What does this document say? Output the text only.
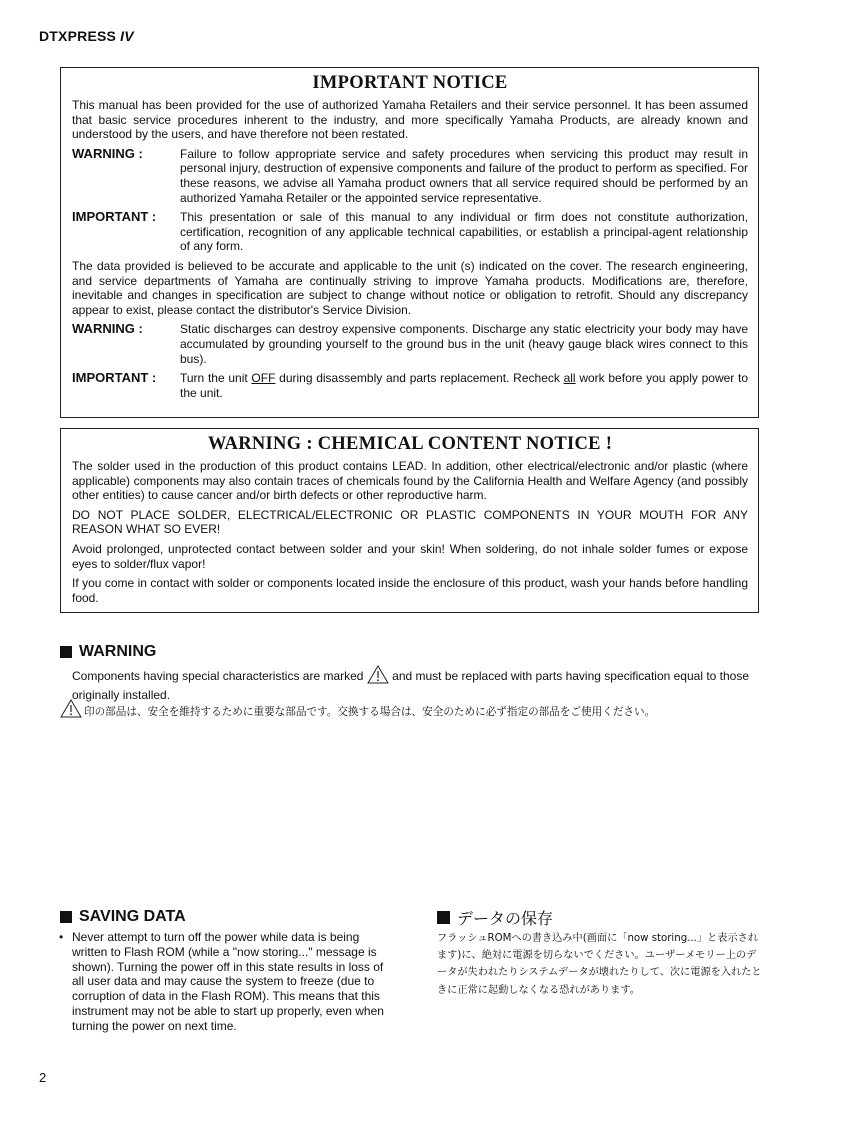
DTXPRESS IV
IMPORTANT NOTICE

This manual has been provided for the use of authorized Yamaha Retailers and their service personnel. It has been assumed that basic service procedures inherent to the industry, and more specifically Yamaha Products, are already known and understood by the users, and have therefore not been restated.

WARNING :	Failure to follow appropriate service and safety procedures when servicing this product may result in personal injury, destruction of expensive components and failure of the product to perform as specified. For these reasons, we advise all Yamaha product owners that all service required should be performed by an authorized Yamaha Retailer or the appointed service representative.
IMPORTANT :	This presentation or sale of this manual to any individual or firm does not constitute authorization, certification, recognition of any applicable technical capabilities, or establish a principal-agent relationship of any form.

The data provided is believed to be accurate and applicable to the unit (s) indicated on the cover. The research engineering, and service departments of Yamaha are continually striving to improve Yamaha products. Modifications are, therefore, inevitable and changes in specification are subject to change without notice or obligation to retrofit. Should any discrepancy appear to exist, please contact the distributor's Service Division.

WARNING :	Static discharges can destroy expensive components. Discharge any static electricity your body may have accumulated by grounding yourself to the ground bus in the unit (heavy gauge black wires connect to this bus).
IMPORTANT :	Turn the unit OFF during disassembly and parts replacement. Recheck all work before you apply power to the unit.
WARNING : CHEMICAL CONTENT NOTICE !

The solder used in the production of this product contains LEAD. In addition, other electrical/electronic and/or plastic (where applicable) components may also contain traces of chemicals found by the California Health and Welfare Agency (and possibly other entities) to cause cancer and/or birth defects or other reproductive harm.

DO NOT PLACE SOLDER, ELECTRICAL/ELECTRONIC OR PLASTIC COMPONENTS IN YOUR MOUTH FOR ANY REASON WHAT SO EVER!

Avoid prolonged, unprotected contact between solder and your skin! When soldering, do not inhale solder fumes or expose eyes to solder/flux vapor!

If you come in contact with solder or components located inside the enclosure of this product, wash your hands before handling food.

WARNING
Components having special characteristics are marked  and must be replaced with parts having specification equal to those originally installed.
印の部品は、安全を維持するために重要な部品です。交換する場合は、安全のために必ず指定の部品をご使用ください。
SAVING DATA
• Never attempt to turn off the power while data is being written to Flash ROM (while a "now storing..." message is shown). Turning the power off in this state results in loss of all user data and may cause the system to freeze (due to corruption of data in the Flash ROM). This means that this instrument may not be able to start up properly, even when turning the power on next time.
データの保存
フラッシュROMへの書き込み中(画面に「now storing...」と表示されます)に、絶対に電源を切らないでください。ユーザーメモリー上のデータが失われたりシステムデータが壊れたりして、次に電源を入れたときに正常に起動しなくなる恐れがあります。
2
